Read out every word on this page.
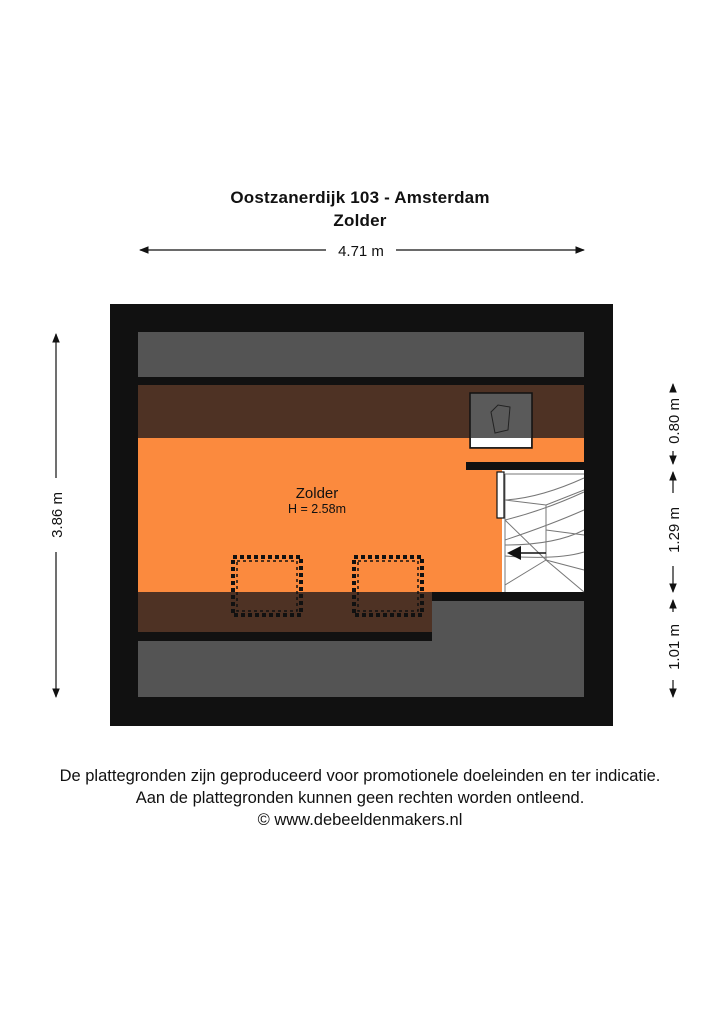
Oostzanerdijk 103 - Amsterdam
Zolder
4.71 m
3.86 m
0.80 m
1.29 m
1.01 m
Zolder
H = 2.58m
De plattegronden zijn geproduceerd voor promotionele doeleinden en ter indicatie.
Aan de plattegronden kunnen geen rechten worden ontleend.
© www.debeeldenmakers.nl
